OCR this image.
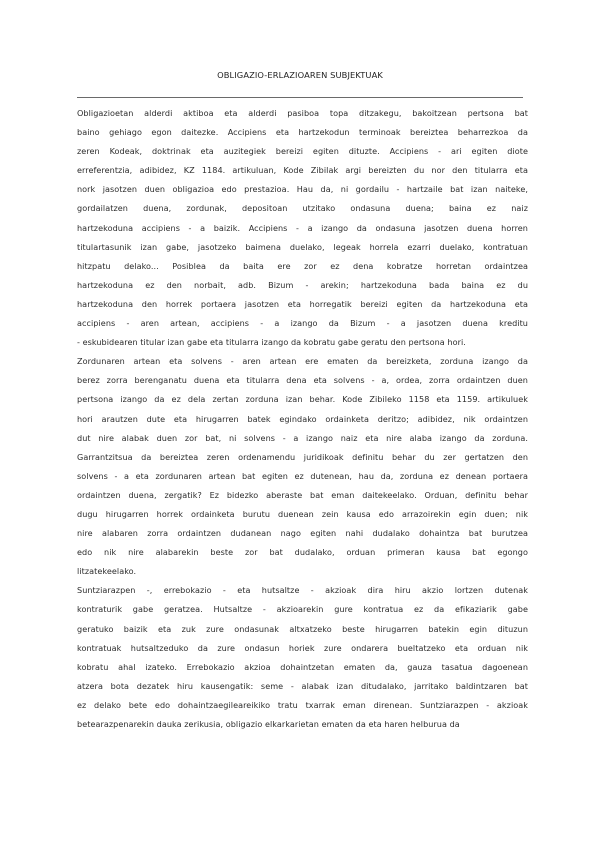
OBLIGAZIO-ERLAZIOAREN SUBJEKTUAK
Obligazioetan alderdi aktiboa eta alderdi pasiboa topa ditzakegu, bakoitzean pertsona bat
baino gehiago egon daitezke. Accipiens eta hartzekodun terminoak bereiztea beharrezkoa da
zeren Kodeak, doktrinak eta auzitegiek bereizi egiten dituzte. Accipiens - ari egiten diote
erreferentzia, adibidez, KZ 1184. artikuluan, Kode Zibilak argi bereizten du nor den titularra eta
nork jasotzen duen obligazioa edo prestazioa. Hau da, ni gordailu - hartzaile bat izan naiteke,
gordailatzen duena, zordunak, depositoan utzitako ondasuna duena; baina ez naiz
hartzekoduna accipiens - a baizik. Accipiens - a izango da ondasuna jasotzen duena horren
titulartasunik izan gabe, jasotzeko baimena duelako, legeak horrela ezarri duelako, kontratuan
hitzpatu delako... Posiblea da baita ere zor ez dena kobratze horretan ordaintzea
hartzekoduna ez den norbait, adb. Bizum - arekin; hartzekoduna bada baina ez du
hartzekoduna den horrek portaera jasotzen eta horregatik bereizi egiten da hartzekoduna eta
accipiens - aren artean, accipiens - a izango da Bizum - a jasotzen duena kreditu
- eskubidearen titular izan gabe eta titularra izango da kobratu gabe geratu den pertsona hori.
Zordunaren artean eta solvens - aren artean ere ematen da bereizketa, zorduna izango da
berez zorra berenganatu duena eta titularra dena eta solvens - a, ordea, zorra ordaintzen duen
pertsona izango da ez dela zertan zorduna izan behar. Kode Zibileko 1158 eta 1159. artikuluek
hori arautzen dute eta hirugarren batek egindako ordainketa deritzo; adibidez, nik ordaintzen
dut nire alabak duen zor bat, ni solvens - a izango naiz eta nire alaba izango da zorduna.
Garrantzitsua da bereiztea zeren ordenamendu juridikoak definitu behar du zer gertatzen den
solvens - a eta zordunaren artean bat egiten ez dutenean, hau da, zorduna ez denean portaera
ordaintzen duena, zergatik? Ez bidezko aberaste bat eman daitekeelako. Orduan, definitu behar
dugu hirugarren horrek ordainketa burutu duenean zein kausa edo arrazoirekin egin duen; nik
nire alabaren zorra ordaintzen dudanean nago egiten nahi dudalako dohaintza bat burutzea
edo nik nire alabarekin beste zor bat dudalako, orduan primeran kausa bat egongo
litzatekeelako.
Suntziarazpen -, errebokazio - eta hutsaltze - akzioak dira hiru akzio lortzen dutenak
kontraturik gabe geratzea. Hutsaltze - akzioarekin gure kontratua ez da efikaziarik gabe
geratuko baizik eta zuk zure ondasunak altxatzeko beste hirugarren batekin egin dituzun
kontratuak hutsaltzeduko da zure ondasun horiek zure ondarera bueltatzeko eta orduan nik
kobratu ahal izateko. Errebokazio akzioa dohaintzetan ematen da, gauza tasatua dagoenean
atzera bota dezatek hiru kausengatik: seme - alabak izan ditudalako, jarritako baldintzaren bat
ez delako bete edo dohaintzaegileareikiko tratu txarrak eman direnean. Suntziarazpen - akzioak
betearazpenarekin dauka zerikusia, obligazio elkarkarietan ematen da eta haren helburua da
